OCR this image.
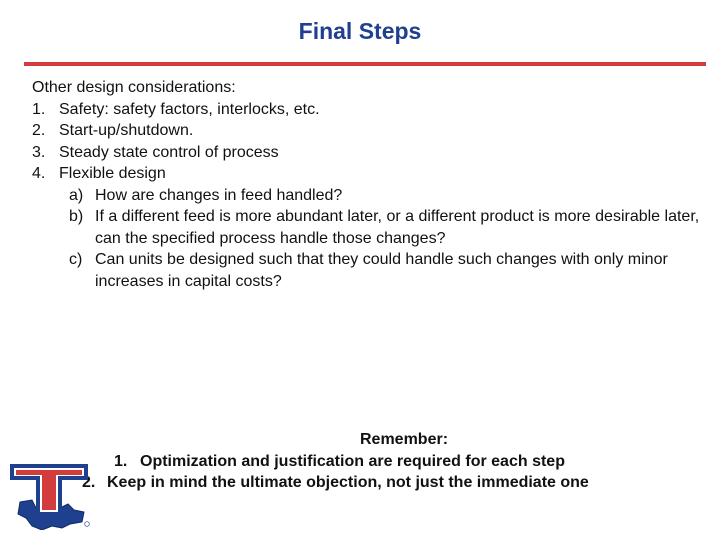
Final Steps

Other design considerations:

1. Safety: safety factors, interlocks, etc.
2. Start-up/shutdown.
3. Steady state control of process
4. Flexible design
a) How are changes in feed handled?
b) If a different feed is more abundant later, or a different product is more desirable later, can the specified process handle those changes?
c) Can units be designed such that they could handle such changes with only minor increases in capital costs?
Remember:
1. Optimization and justification are required for each step
2. Keep in mind the ultimate objection, not just the immediate one
